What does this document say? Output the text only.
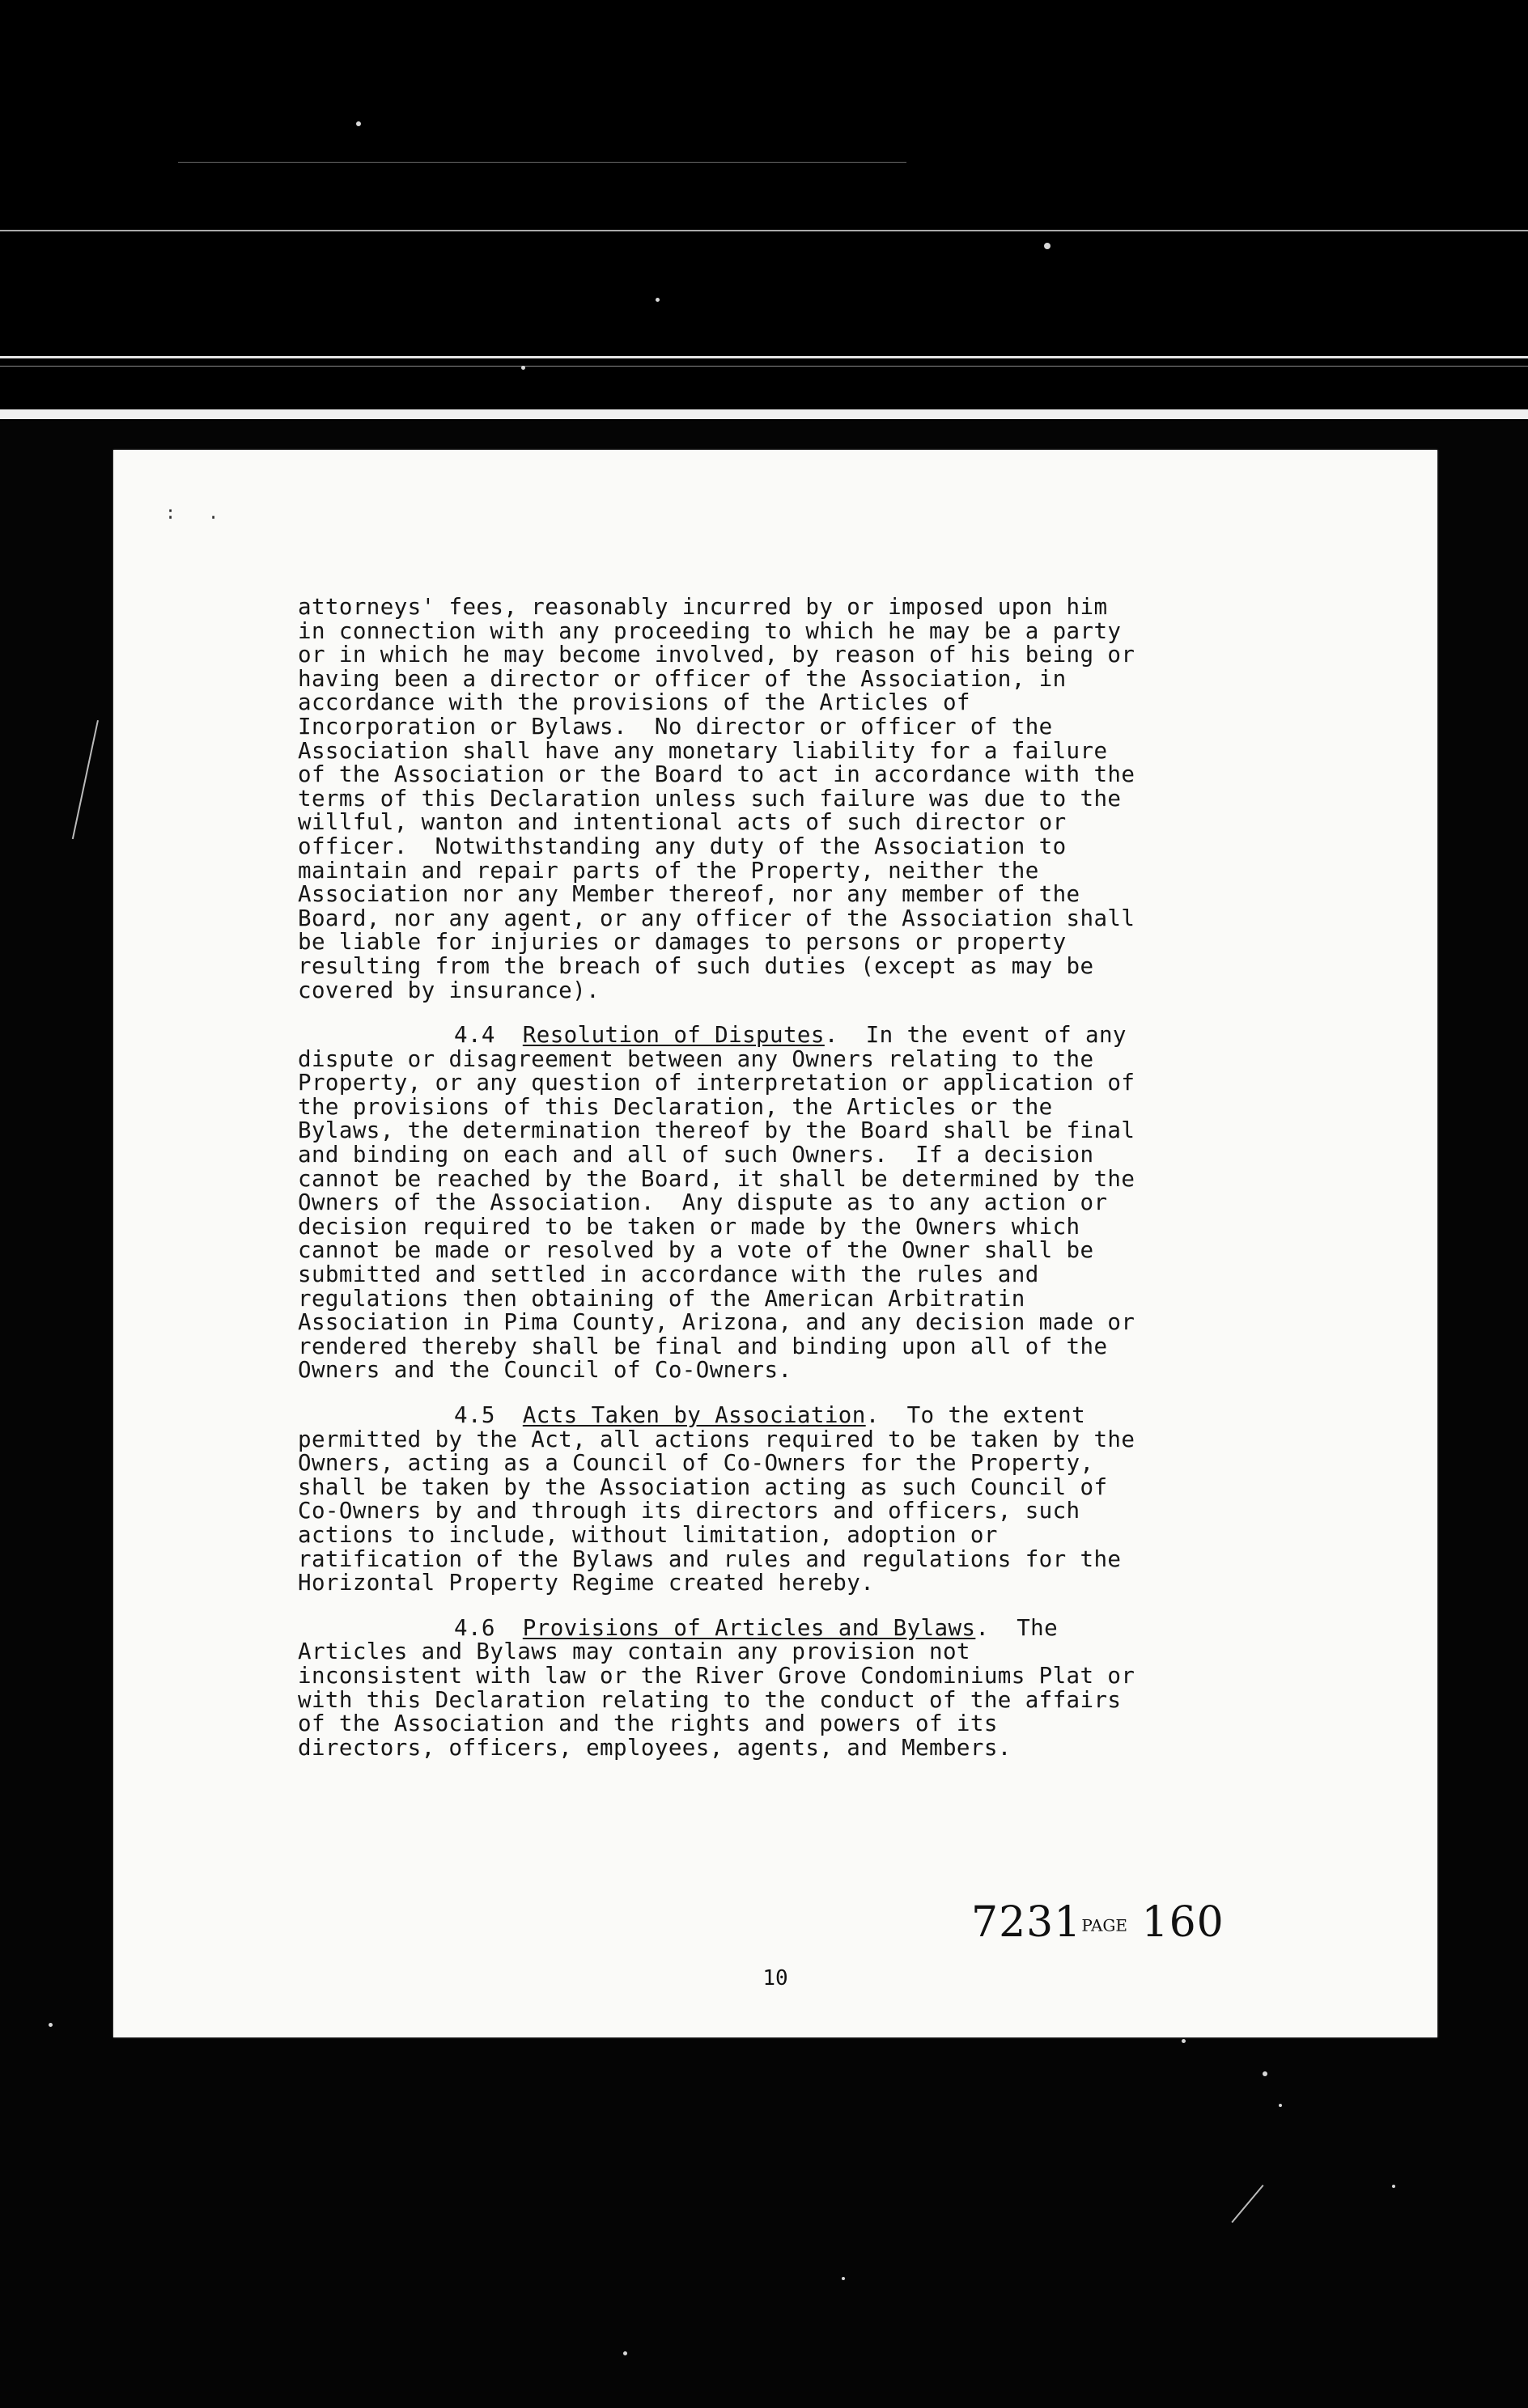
:   .
attorneys' fees, reasonably incurred by or imposed upon him
in connection with any proceeding to which he may be a party
or in which he may become involved, by reason of his being or
having been a director or officer of the Association, in
accordance with the provisions of the Articles of
Incorporation or Bylaws.  No director or officer of the
Association shall have any monetary liability for a failure
of the Association or the Board to act in accordance with the
terms of this Declaration unless such failure was due to the
willful, wanton and intentional acts of such director or
officer.  Notwithstanding any duty of the Association to
maintain and repair parts of the Property, neither the
Association nor any Member thereof, nor any member of the
Board, nor any agent, or any officer of the Association shall
be liable for injuries or damages to persons or property
resulting from the breach of such duties (except as may be
covered by insurance).
4.4 Resolution of Disputes.  In the event of any
dispute or disagreement between any Owners relating to the
Property, or any question of interpretation or application of
the provisions of this Declaration, the Articles or the
Bylaws, the determination thereof by the Board shall be final
and binding on each and all of such Owners.  If a decision
cannot be reached by the Board, it shall be determined by the
Owners of the Association.  Any dispute as to any action or
decision required to be taken or made by the Owners which
cannot be made or resolved by a vote of the Owner shall be
submitted and settled in accordance with the rules and
regulations then obtaining of the American Arbitratin
Association in Pima County, Arizona, and any decision made or
rendered thereby shall be final and binding upon all of the
Owners and the Council of Co-Owners.
4.5 Acts Taken by Association.  To the extent
permitted by the Act, all actions required to be taken by the
Owners, acting as a Council of Co-Owners for the Property,
shall be taken by the Association acting as such Council of
Co-Owners by and through its directors and officers, such
actions to include, without limitation, adoption or
ratification of the Bylaws and rules and regulations for the
Horizontal Property Regime created hereby.
4.6 Provisions of Articles and Bylaws.  The
Articles and Bylaws may contain any provision not
inconsistent with law or the River Grove Condominiums Plat or
with this Declaration relating to the conduct of the affairs
of the Association and the rights and powers of its
directors, officers, employees, agents, and Members.
7231PAGE 160
10
